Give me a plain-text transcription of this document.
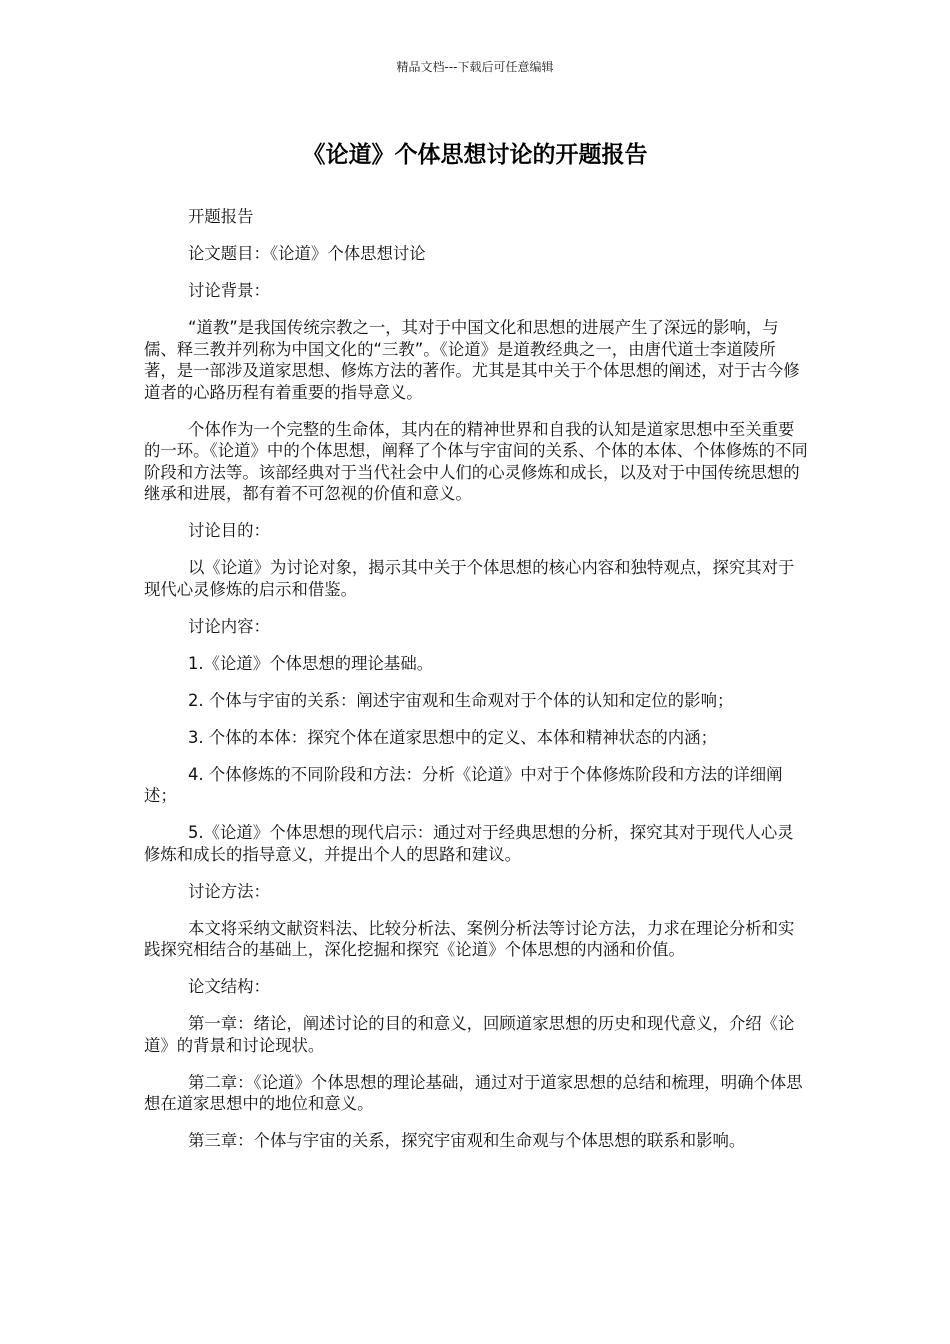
精品文档---下载后可任意编辑
《论道》个体思想讨论的开题报告

开题报告

论文题目：《论道》个体思想讨论

讨论背景：

“道教”是我国传统宗教之一，其对于中国文化和思想的进展产生了深远的影响，与儒、释三教并列称为中国文化的“三教”。《论道》是道教经典之一，由唐代道士李道陵所著，是一部涉及道家思想、修炼方法的著作。尤其是其中关于个体思想的阐述，对于古今修道者的心路历程有着重要的指导意义。

个体作为一个完整的生命体，其内在的精神世界和自我的认知是道家思想中至关重要的一环。《论道》中的个体思想，阐释了个体与宇宙间的关系、个体的本体、个体修炼的不同阶段和方法等。该部经典对于当代社会中人们的心灵修炼和成长，以及对于中国传统思想的继承和进展，都有着不可忽视的价值和意义。

讨论目的：

以《论道》为讨论对象，揭示其中关于个体思想的核心内容和独特观点，探究其对于现代心灵修炼的启示和借鉴。

讨论内容：

1.《论道》个体思想的理论基础。

2. 个体与宇宙的关系：阐述宇宙观和生命观对于个体的认知和定位的影响；

3. 个体的本体：探究个体在道家思想中的定义、本体和精神状态的内涵；

4. 个体修炼的不同阶段和方法：分析《论道》中对于个体修炼阶段和方法的详细阐述；

5.《论道》个体思想的现代启示：通过对于经典思想的分析，探究其对于现代人心灵修炼和成长的指导意义，并提出个人的思路和建议。

讨论方法：

本文将采纳文献资料法、比较分析法、案例分析法等讨论方法，力求在理论分析和实践探究相结合的基础上，深化挖掘和探究《论道》个体思想的内涵和价值。

论文结构：

第一章：绪论，阐述讨论的目的和意义，回顾道家思想的历史和现代意义，介绍《论道》的背景和讨论现状。

第二章：《论道》个体思想的理论基础，通过对于道家思想的总结和梳理，明确个体思想在道家思想中的地位和意义。

第三章：个体与宇宙的关系，探究宇宙观和生命观与个体思想的联系和影响。
